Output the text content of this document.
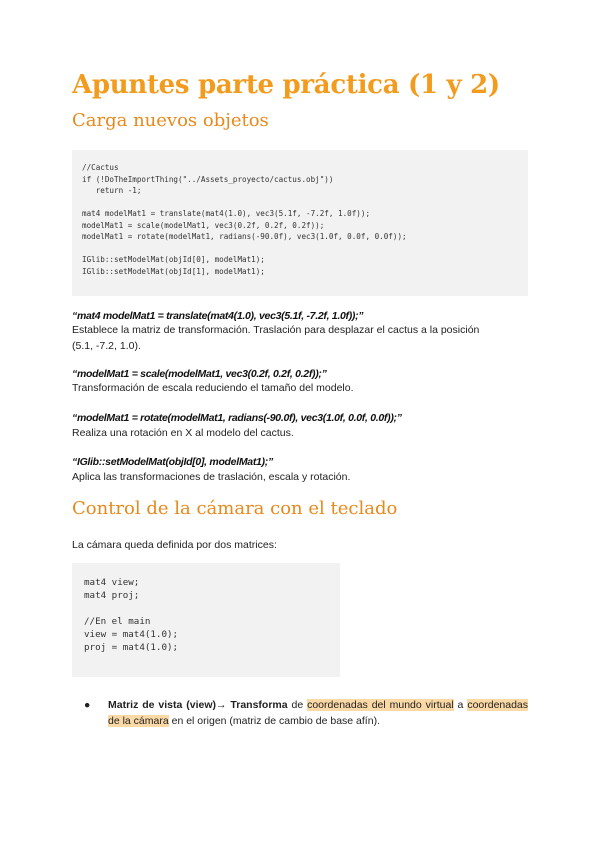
Apuntes parte práctica (1 y 2)
Carga nuevos objetos
//Cactus
if (!DoTheImportThing("../Assets_proyecto/cactus.obj"))
return -1;

mat4 modelMat1 = translate(mat4(1.0), vec3(5.1f, -7.2f, 1.0f));
modelMat1 = scale(modelMat1, vec3(0.2f, 0.2f, 0.2f));
modelMat1 = rotate(modelMat1, radians(-90.0f), vec3(1.0f, 0.0f, 0.0f));

IGlib::setModelMat(objId[0], modelMat1);
IGlib::setModelMat(objId[1], modelMat1);
“mat4 modelMat1 = translate(mat4(1.0), vec3(5.1f, -7.2f, 1.0f));”
Establece la matriz de transformación. Traslación para desplazar el cactus a la posición
(5.1, -7.2, 1.0).
“modelMat1 = scale(modelMat1, vec3(0.2f, 0.2f, 0.2f));”
Transformación de escala reduciendo el tamaño del modelo.
“modelMat1 = rotate(modelMat1, radians(-90.0f), vec3(1.0f, 0.0f, 0.0f));”
Realiza una rotación en X al modelo del cactus.
“IGlib::setModelMat(objId[0], modelMat1);”
Aplica las transformaciones de traslación, escala y rotación.
Control de la cámara con el teclado
La cámara queda definida por dos matrices:
mat4 view;
mat4 proj;

//En el main
view = mat4(1.0);
proj = mat4(1.0);
● Matriz de vista (view)→ Transforma de coordenadas del mundo virtual a coordenadas de la cámara en el origen (matriz de cambio de base afín).
